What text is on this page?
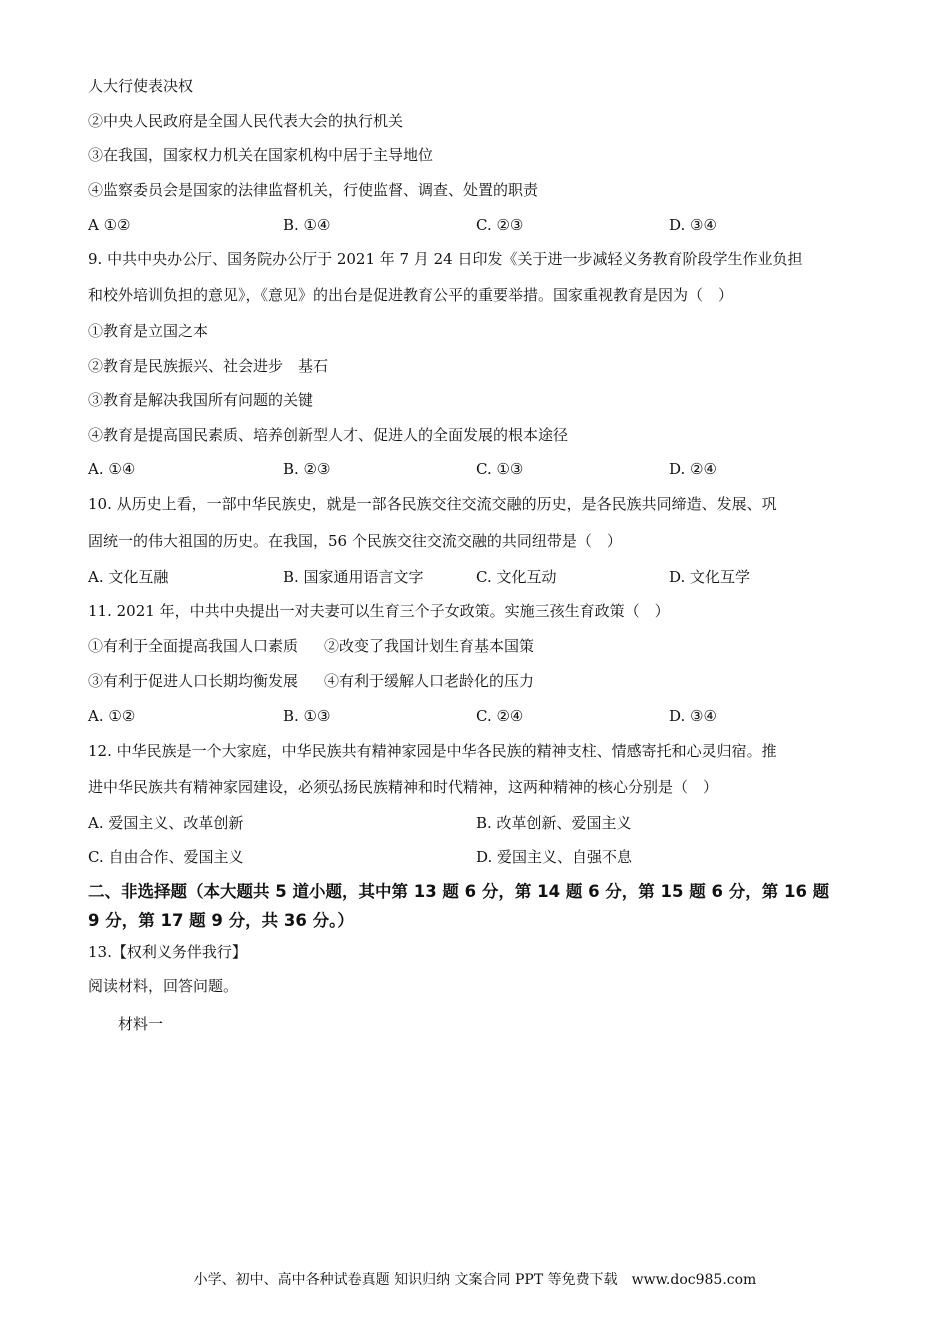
人大行使表决权
②中央人民政府是全国人民代表大会的执行机关
③在我国，国家权力机关在国家机构中居于主导地位
④监察委员会是国家的法律监督机关，行使监督、调查、处置的职责
A ①②	B. ①④	C. ②③	D. ③④
9. 中共中央办公厅、国务院办公厅于 2021 年 7 月 24 日印发《关于进一步减轻义务教育阶段学生作业负担
和校外培训负担的意见》，《意见》的出台是促进教育公平的重要举措。国家重视教育是因为（　）
①教育是立国之本
②教育是民族振兴、社会进步　基石
③教育是解决我国所有问题的关键
④教育是提高国民素质、培养创新型人才、促进人的全面发展的根本途径
A. ①④	B. ②③	C. ①③	D. ②④
10. 从历史上看，一部中华民族史，就是一部各民族交往交流交融的历史，是各民族共同缔造、发展、巩
固统一的伟大祖国的历史。在我国，56 个民族交往交流交融的共同纽带是（　）
A. 文化互融	B. 国家通用语言文字	C. 文化互动	D. 文化互学
11. 2021 年，中共中央提出一对夫妻可以生育三个子女政策。实施三孩生育政策（　）
①有利于全面提高我国人口素质 ②改变了我国计划生育基本国策
③有利于促进人口长期均衡发展 ④有利于缓解人口老龄化的压力
A. ①②	B. ①③	C. ②④	D. ③④
12. 中华民族是一个大家庭，中华民族共有精神家园是中华各民族的精神支柱、情感寄托和心灵归宿。推
进中华民族共有精神家园建设，必须弘扬民族精神和时代精神，这两种精神的核心分别是（　）
A. 爱国主义、改革创新	B. 改革创新、爱国主义
C. 自由合作、爱国主义	D. 爱国主义、自强不息
二、非选择题（本大题共 5 道小题，其中第 13 题 6 分，第 14 题 6 分，第 15 题 6 分，第 16 题
9 分，第 17 题 9 分，共 36 分。）
13.【权利义务伴我行】
阅读材料，回答问题。
材料一
小学、初中、高中各种试卷真题 知识归纳 文案合同 PPT 等免费下载　www.doc985.com
